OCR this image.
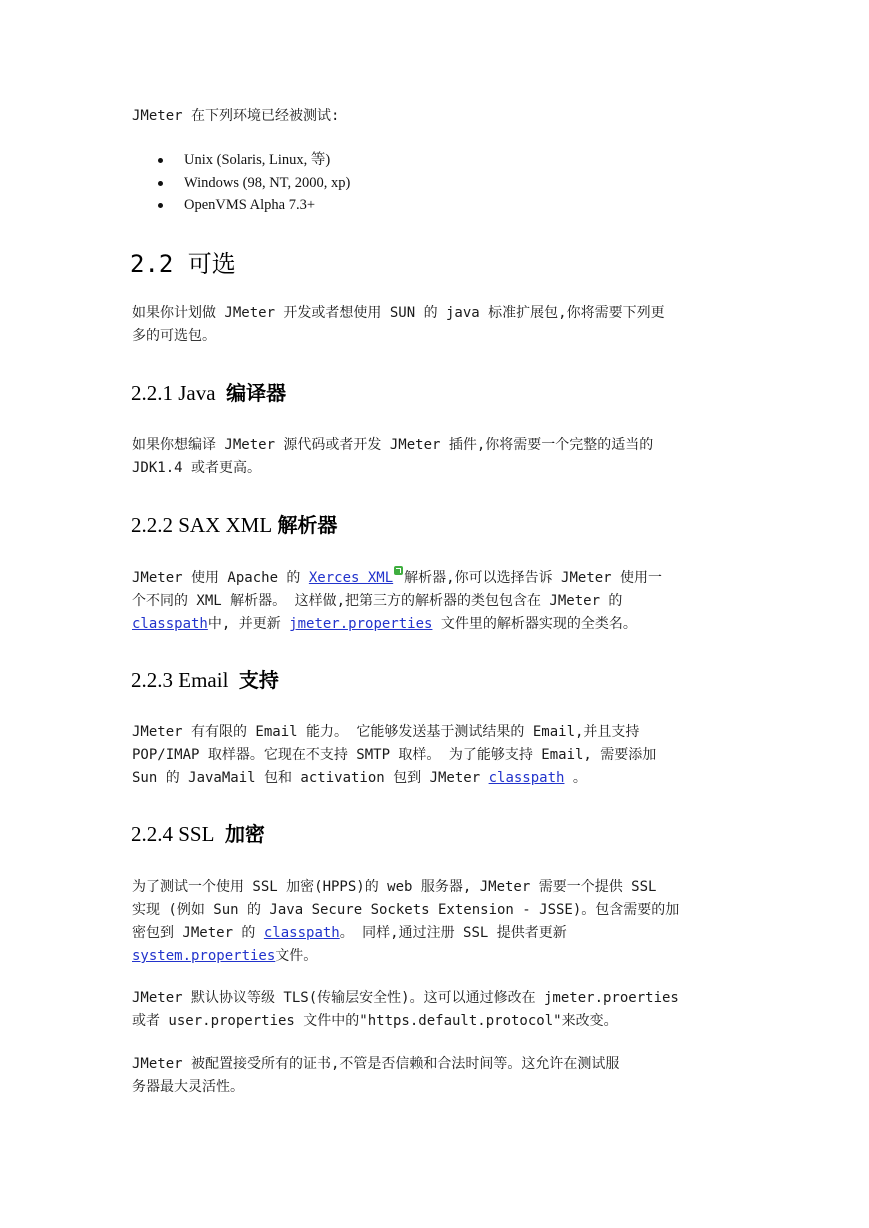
JMeter 在下列环境已经被测试:

Unix (Solaris, Linux, 等)
Windows (98, NT, 2000, xp)
OpenVMS Alpha 7.3+
2.2 可选
如果你计划做 JMeter 开发或者想使用 SUN 的 java 标准扩展包,你将需要下列更
多的可选包。
2.2.1 Java 编译器
如果你想编译 JMeter 源代码或者开发 JMeter 插件,你将需要一个完整的适当的
JDK1.4 或者更高。
2.2.2 SAX XML 解析器
JMeter 使用 Apache 的 Xerces XML 解析器,你可以选择告诉 JMeter 使用一
个不同的 XML 解析器。 这样做,把第三方的解析器的类包包含在 JMeter 的
classpath中, 并更新 jmeter.properties 文件里的解析器实现的全类名。
2.2.3 Email 支持
JMeter 有有限的 Email 能力。 它能够发送基于测试结果的 Email,并且支持
POP/IMAP 取样器。它现在不支持 SMTP 取样。 为了能够支持 Email, 需要添加
Sun 的 JavaMail 包和 activation 包到 JMeter classpath 。
2.2.4 SSL 加密
为了测试一个使用 SSL 加密(HPPS)的 web 服务器, JMeter 需要一个提供 SSL
实现 (例如 Sun 的 Java Secure Sockets Extension - JSSE)。包含需要的加
密包到 JMeter 的 classpath。 同样,通过注册 SSL 提供者更新
system.properties文件。
JMeter 默认协议等级 TLS(传输层安全性)。这可以通过修改在 jmeter.proerties
或者 user.properties 文件中的"https.default.protocol"来改变。
JMeter 被配置接受所有的证书,不管是否信赖和合法时间等。这允许在测试服
务器最大灵活性。
